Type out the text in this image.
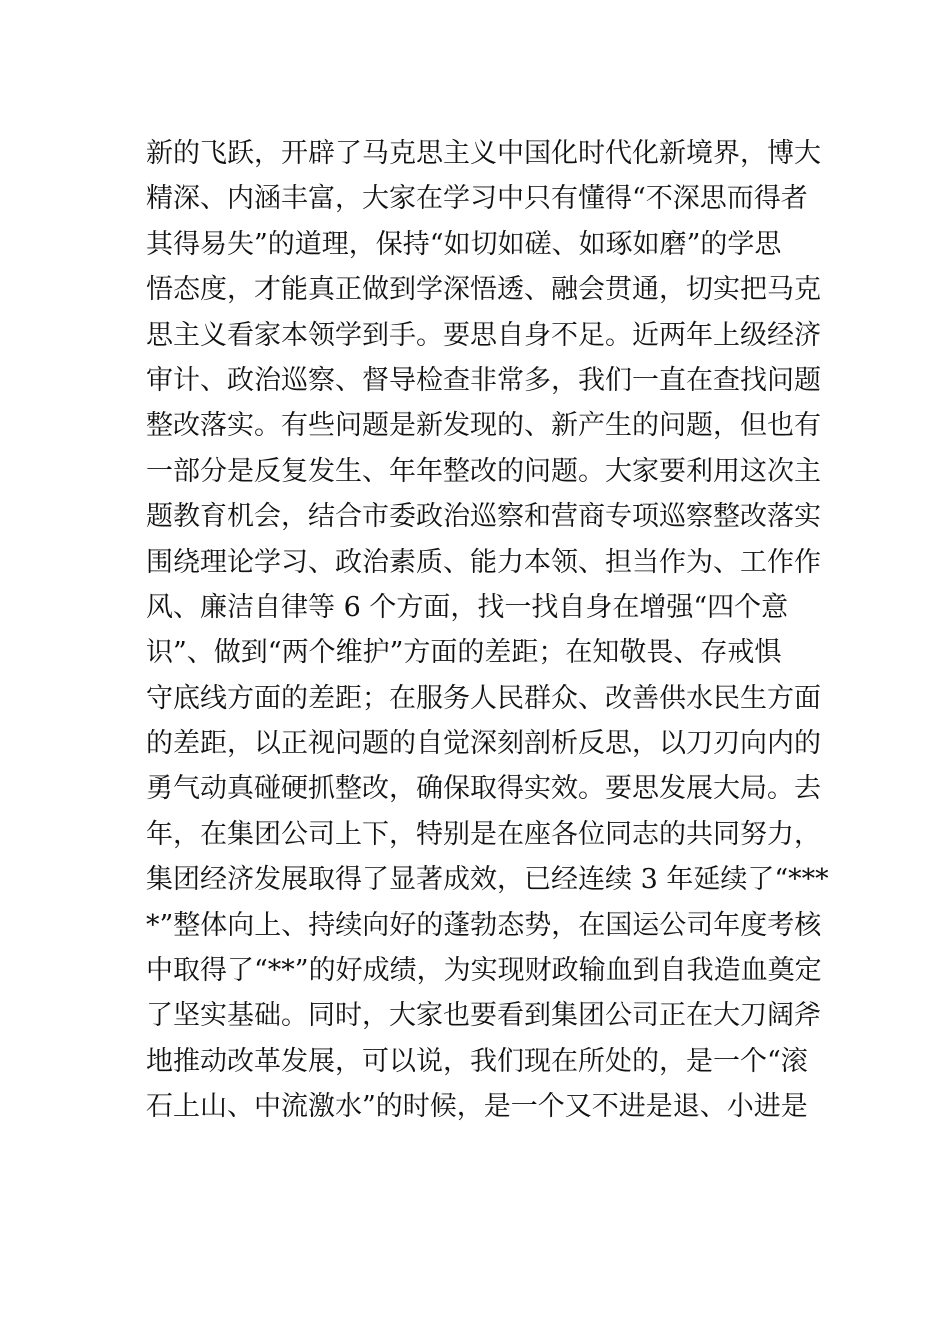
新的飞跃，开辟了马克思主义中国化时代化新境界，博大
精深、内涵丰富，大家在学习中只有懂得“不深思而得者
其得易失”的道理，保持“如切如磋、如琢如磨”的学思
悟态度，才能真正做到学深悟透、融会贯通，切实把马克
思主义看家本领学到手。要思自身不足。近两年上级经济
审计、政治巡察、督导检查非常多，我们一直在查找问题
整改落实。有些问题是新发现的、新产生的问题，但也有
一部分是反复发生、年年整改的问题。大家要利用这次主
题教育机会，结合市委政治巡察和营商专项巡察整改落实
围绕理论学习、政治素质、能力本领、担当作为、工作作
风、廉洁自律等 6 个方面，找一找自身在增强“四个意
识”、做到“两个维护”方面的差距；在知敬畏、存戒惧
守底线方面的差距；在服务人民群众、改善供水民生方面
的差距，以正视问题的自觉深刻剖析反思，以刀刃向内的
勇气动真碰硬抓整改，确保取得实效。要思发展大局。去
年，在集团公司上下，特别是在座各位同志的共同努力，
集团经济发展取得了显著成效，已经连续 3 年延续了“***
*”整体向上、持续向好的蓬勃态势，在国运公司年度考核
中取得了“**”的好成绩，为实现财政输血到自我造血奠定
了坚实基础。同时，大家也要看到集团公司正在大刀阔斧
地推动改革发展，可以说，我们现在所处的，是一个“滚
石上山、中流激水”的时候，是一个又不进是退、小进是
